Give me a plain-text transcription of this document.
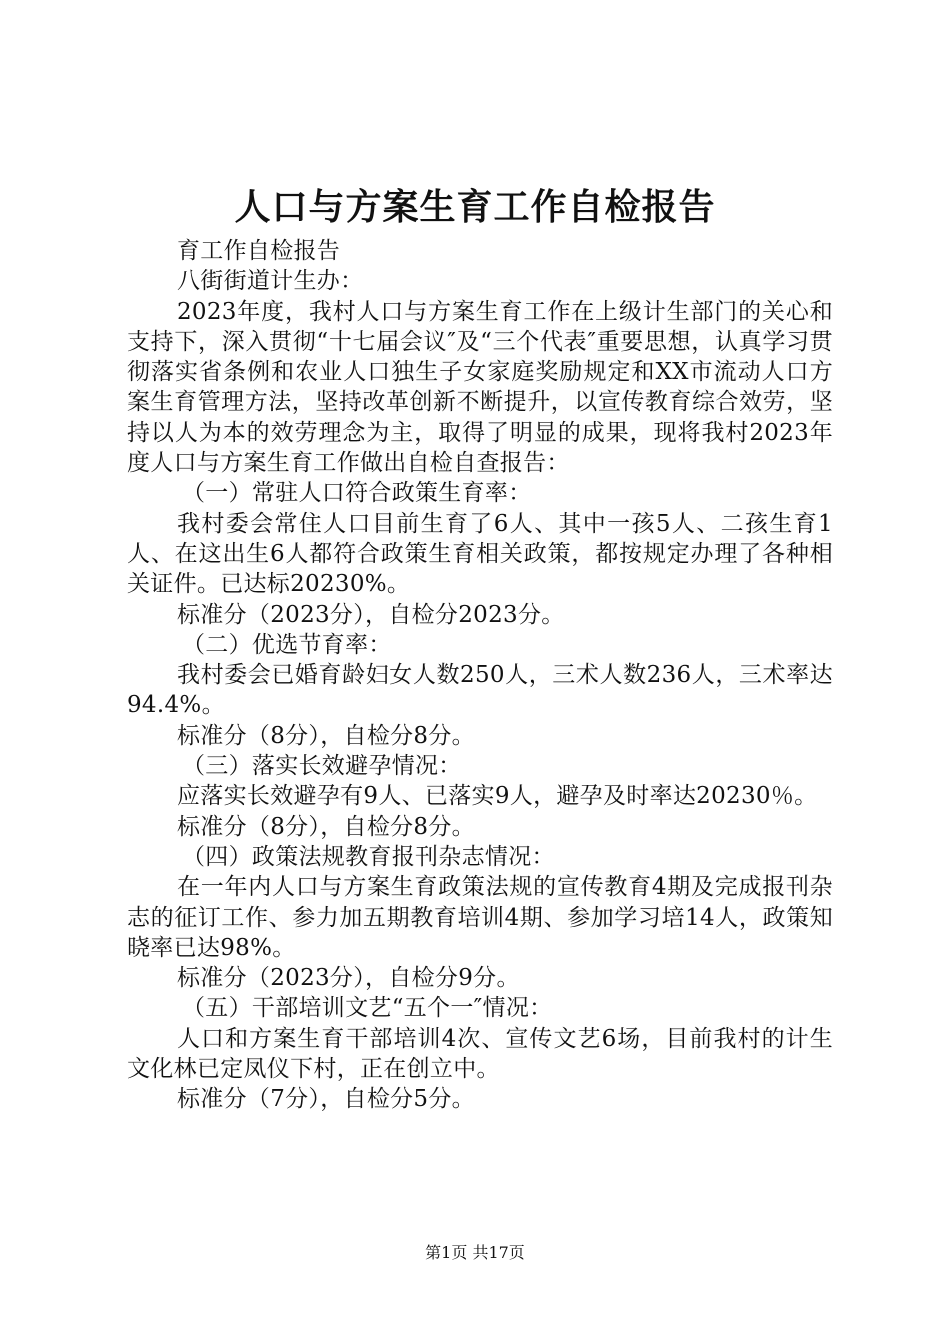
人口与方案生育工作自检报告

育工作自检报告

八街街道计生办：

2023年度，我村人口与方案生育工作在上级计生部门的关心和支持下，深入贯彻“十七届会议″及“三个代表″重要思想，认真学习贯彻落实省条例和农业人口独生子女家庭奖励规定和XX市流动人口方案生育管理方法，坚持改革创新不断提升，以宣传教育综合效劳，坚持以人为本的效劳理念为主，取得了明显的成果，现将我村2023年度人口与方案生育工作做出自检自查报告：

（一）常驻人口符合政策生育率：

我村委会常住人口目前生育了6人、其中一孩5人、二孩生育1人、在这出生6人都符合政策生育相关政策，都按规定办理了各种相关证件。已达标20230%。

标准分（2023分），自检分2023分。

（二）优选节育率：

我村委会已婚育龄妇女人数250人，三术人数236人，三术率达94.4%。

标准分（8分），自检分8分。

（三）落实长效避孕情况：

应落实长效避孕有9人、已落实9人，避孕及时率达20230％。

标准分（8分），自检分8分。

（四）政策法规教育报刊杂志情况：

在一年内人口与方案生育政策法规的宣传教育4期及完成报刊杂志的征订工作、参力加五期教育培训4期、参加学习培14人，政策知晓率已达98%。

标准分（2023分），自检分9分。

（五）干部培训文艺“五个一″情况：

人口和方案生育干部培训4次、宣传文艺6场，目前我村的计生文化林已定凤仪下村，正在创立中。

标准分（7分），自检分5分。

第1页 共17页
